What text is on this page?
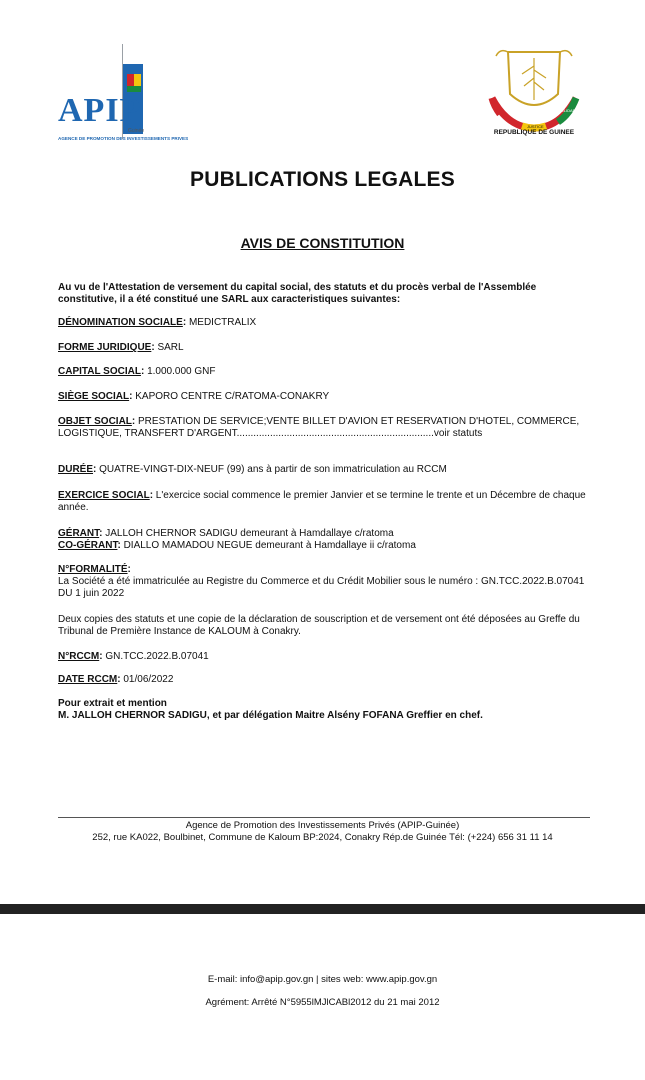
APIP
Guinée
AGENCE DE PROMOTION DES INVESTISSEMENTS PRIVES
TRAVAIL
JUSTICE
SOLIDARITE
REPUBLIQUE DE GUINEE
PUBLICATIONS LEGALES
AVIS DE CONSTITUTION
Au vu de l'Attestation de versement du capital social, des statuts et du procès verbal de l'Assemblée constitutive, il a été constitué une SARL aux caracteristiques suivantes:
DÉNOMINATION SOCIALE: MEDICTRALIX
FORME JURIDIQUE: SARL
CAPITAL SOCIAL: 1.000.000 GNF
SIÈGE SOCIAL: KAPORO CENTRE C/RATOMA-CONAKRY
OBJET SOCIAL: PRESTATION DE SERVICE;VENTE BILLET D'AVION ET RESERVATION D'HOTEL, COMMERCE, LOGISTIQUE, TRANSFERT D'ARGENT.......................................................................voir statuts
DURÉE: QUATRE-VINGT-DIX-NEUF (99) ans à partir de son immatriculation au RCCM
EXERCICE SOCIAL: L'exercice social commence le premier Janvier et se termine le trente et un Décembre de chaque année.
GÉRANT: JALLOH CHERNOR SADIGU demeurant à Hamdallaye c/ratoma
CO-GÉRANT: DIALLO MAMADOU NEGUE demeurant à Hamdallaye ii c/ratoma
N°FORMALITÉ:
La Société a été immatriculée au Registre du Commerce et du Crédit Mobilier sous le numéro : GN.TCC.2022.B.07041 DU 1 juin 2022
Deux copies des statuts et une copie de la déclaration de souscription et de versement ont été déposées au Greffe du Tribunal de Première Instance de KALOUM à Conakry.
N°RCCM: GN.TCC.2022.B.07041
DATE RCCM: 01/06/2022
Pour extrait et mention
M. JALLOH CHERNOR SADIGU, et par délégation Maitre Alsény FOFANA Greffier en chef.
Agence de Promotion des Investissements Privés (APIP-Guinée)
252, rue KA022, Boulbinet, Commune de Kaloum BP:2024, Conakry Rép.de Guinée Tél: (+224) 656 31 11 14
E-mail: info@apip.gov.gn | sites web: www.apip.gov.gn
Agrément: Arrêté N°5955lMJlCABl2012 du 21 mai 2012
